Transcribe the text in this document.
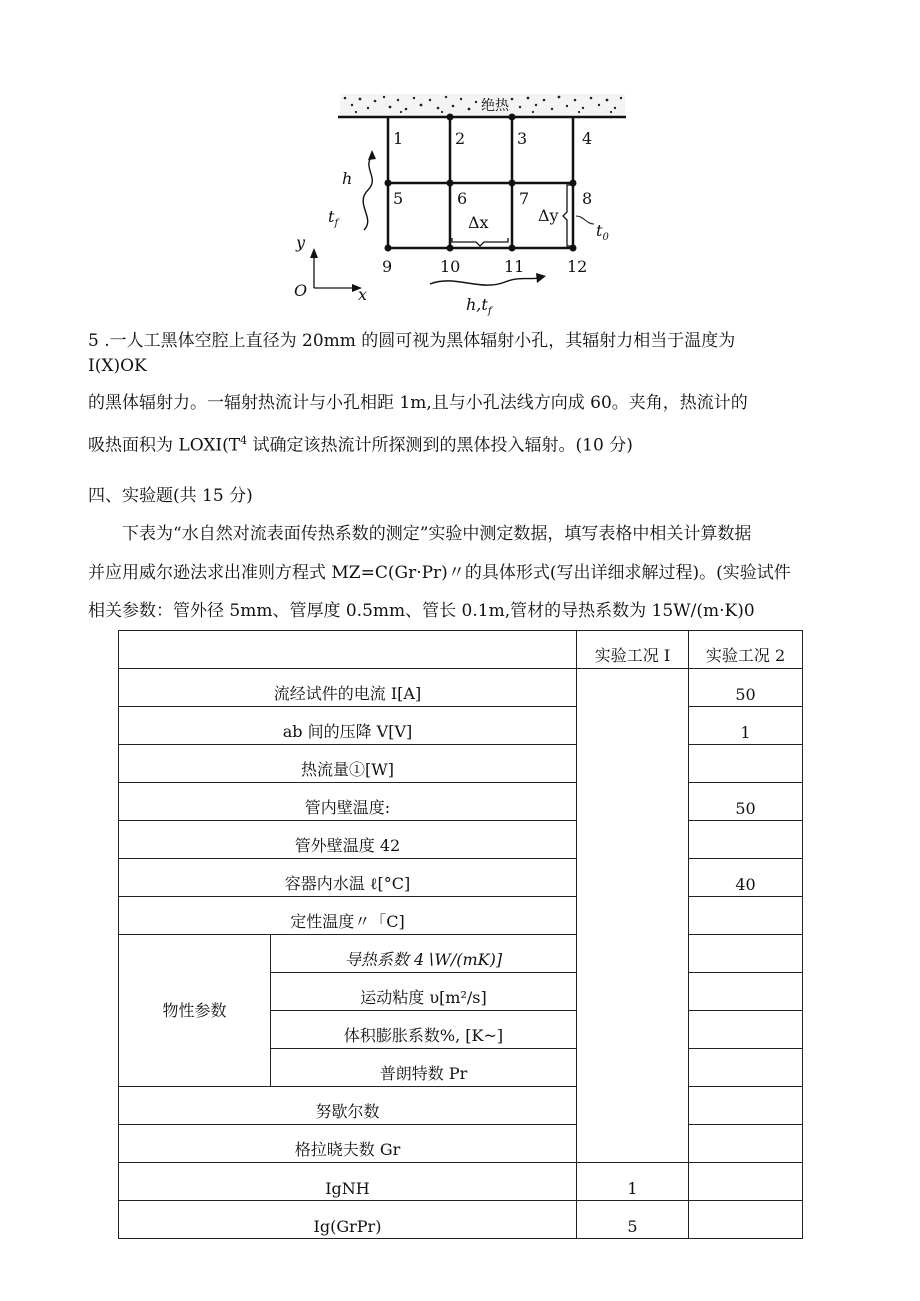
绝热
1	2	3	4
5	6	7	8
9	10	11	12
h
$t_f$	Δx	Δy
$t_0$
y
x
O
$h,t_f$
5 .一人工黑体空腔上直径为 20mm 的圆可视为黑体辐射小孔，其辐射力相当于温度为
I(X)OK
的黑体辐射力。一辐射热流计与小孔相距 1m,且与小孔法线方向成 60。夹角，热流计的
吸热面积为 $LOXI(T^4$ 试确定该热流计所探测到的黑体投入辐射。(10 分)
四、实验题(共 15 分)
下表为“水自然对流表面传热系数的测定”实验中测定数据，填写表格中相关计算数据
并应用威尔逊法求出准则方程式 MZ=C(Gr·Pr)〃的具体形式(写出详细求解过程)。(实验试件
相关参数：管外径 5mm、管厚度 0.5mm、管长 0.1m,管材的导热系数为 15W/(m·K)0
		实验工况 I	实验工况 2
流经试件的电流 I[A]			50
ab 间的压降 V[V]			1
热流量①[W]			
管内壁温度:			50
管外壁温度 42			
容器内水温 ℓ[°C]			40
定性温度〃「C]			
物性参数	导热系数 4∖W/(mK)]		
	运动粘度 υ[m²/s]		
	体积膨胀系数%, [K~]		
	普朗特数 Pr		
努歇尔数			
格拉晓夫数 Gr			
IgNH		1	
Ig(GrPr)		5	
